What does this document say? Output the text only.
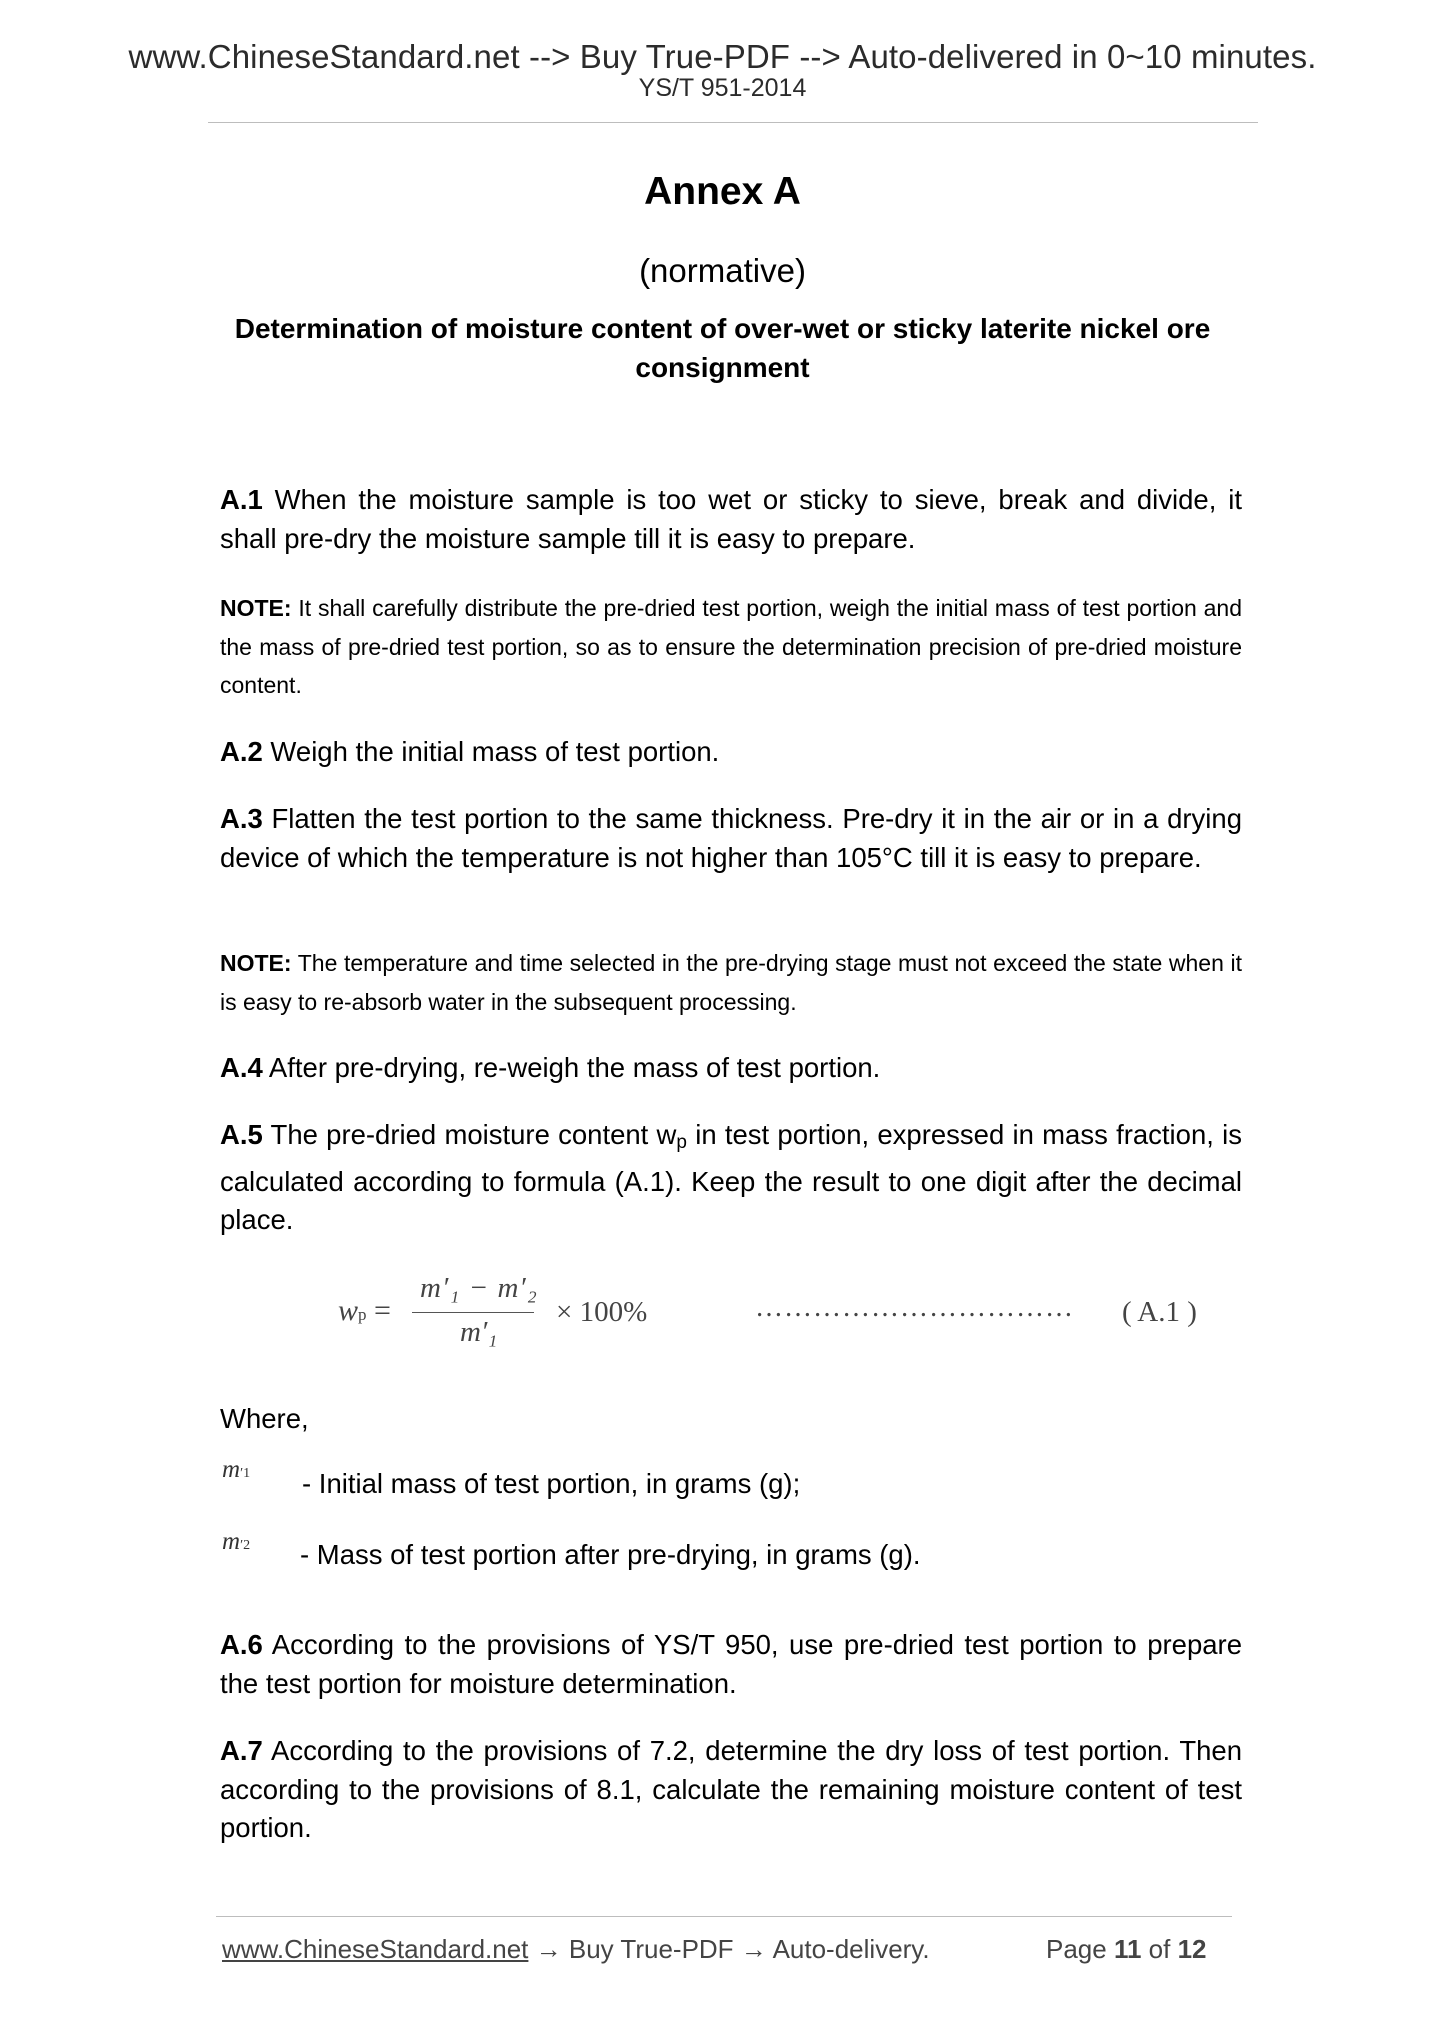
www.ChineseStandard.net --> Buy True-PDF --> Auto-delivered in 0~10 minutes.
YS/T 951-2014
Annex A
(normative)
Determination of moisture content of over-wet or sticky laterite nickel ore consignment
A.1 When the moisture sample is too wet or sticky to sieve, break and divide, it shall pre-dry the moisture sample till it is easy to prepare.
NOTE: It shall carefully distribute the pre-dried test portion, weigh the initial mass of test portion and the mass of pre-dried test portion, so as to ensure the determination precision of pre-dried moisture content.
A.2 Weigh the initial mass of test portion.
A.3 Flatten the test portion to the same thickness. Pre-dry it in the air or in a drying device of which the temperature is not higher than 105°C till it is easy to prepare.
NOTE: The temperature and time selected in the pre-drying stage must not exceed the state when it is easy to re-absorb water in the subsequent processing.
A.4 After pre-drying, re-weigh the mass of test portion.
A.5 The pre-dried moisture content $w_p$ in test portion, expressed in mass fraction, is calculated according to formula (A.1). Keep the result to one digit after the decimal place.
wp =
m′₁ − m′₂
m′₁
× 100%	…………………………… ( A.1 )
Where,
m′1 - Initial mass of test portion, in grams (g);
m′2 - Mass of test portion after pre-drying, in grams (g).
A.6 According to the provisions of YS/T 950, use pre-dried test portion to prepare the test portion for moisture determination.
A.7 According to the provisions of 7.2, determine the dry loss of test portion. Then according to the provisions of 8.1, calculate the remaining moisture content of test portion.
www.ChineseStandard.net → Buy True-PDF → Auto-delivery.	Page 11 of 12
